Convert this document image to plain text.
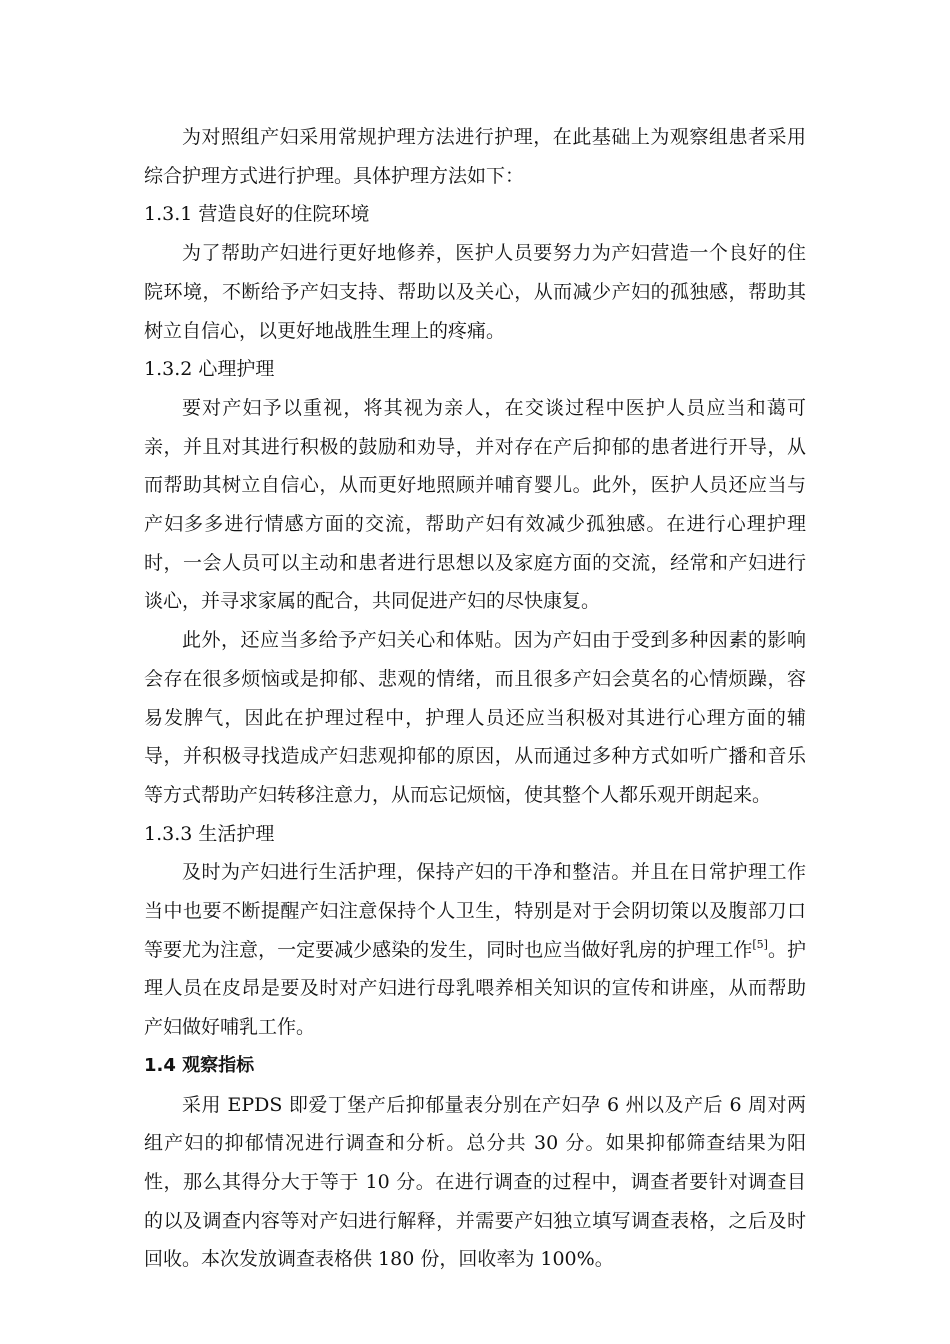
为对照组产妇采用常规护理方法进行护理，在此基础上为观察组患者采用综合护理方式进行护理。具体护理方法如下：

1.3.1 营造良好的住院环境

为了帮助产妇进行更好地修养，医护人员要努力为产妇营造一个良好的住院环境，不断给予产妇支持、帮助以及关心，从而减少产妇的孤独感，帮助其树立自信心，以更好地战胜生理上的疼痛。

1.3.2 心理护理

要对产妇予以重视，将其视为亲人，在交谈过程中医护人员应当和蔼可亲，并且对其进行积极的鼓励和劝导，并对存在产后抑郁的患者进行开导，从而帮助其树立自信心，从而更好地照顾并哺育婴儿。此外，医护人员还应当与产妇多多进行情感方面的交流，帮助产妇有效减少孤独感。在进行心理护理时，一会人员可以主动和患者进行思想以及家庭方面的交流，经常和产妇进行谈心，并寻求家属的配合，共同促进产妇的尽快康复。

此外，还应当多给予产妇关心和体贴。因为产妇由于受到多种因素的影响会存在很多烦恼或是抑郁、悲观的情绪，而且很多产妇会莫名的心情烦躁，容易发脾气，因此在护理过程中，护理人员还应当积极对其进行心理方面的辅导，并积极寻找造成产妇悲观抑郁的原因，从而通过多种方式如听广播和音乐等方式帮助产妇转移注意力，从而忘记烦恼，使其整个人都乐观开朗起来。

1.3.3 生活护理

及时为产妇进行生活护理，保持产妇的干净和整洁。并且在日常护理工作当中也要不断提醒产妇注意保持个人卫生，特别是对于会阴切策以及腹部刀口等要尤为注意，一定要减少感染的发生，同时也应当做好乳房的护理工作[5]。护理人员在皮昂是要及时对产妇进行母乳喂养相关知识的宣传和讲座，从而帮助产妇做好哺乳工作。

1.4 观察指标

采用 EPDS 即爱丁堡产后抑郁量表分别在产妇孕 6 州以及产后 6 周对两组产妇的抑郁情况进行调查和分析。总分共 30 分。如果抑郁筛查结果为阳性，那么其得分大于等于 10 分。在进行调查的过程中，调查者要针对调查目的以及调查内容等对产妇进行解释，并需要产妇独立填写调查表格，之后及时回收。本次发放调查表格供 180 份，回收率为 100%。
